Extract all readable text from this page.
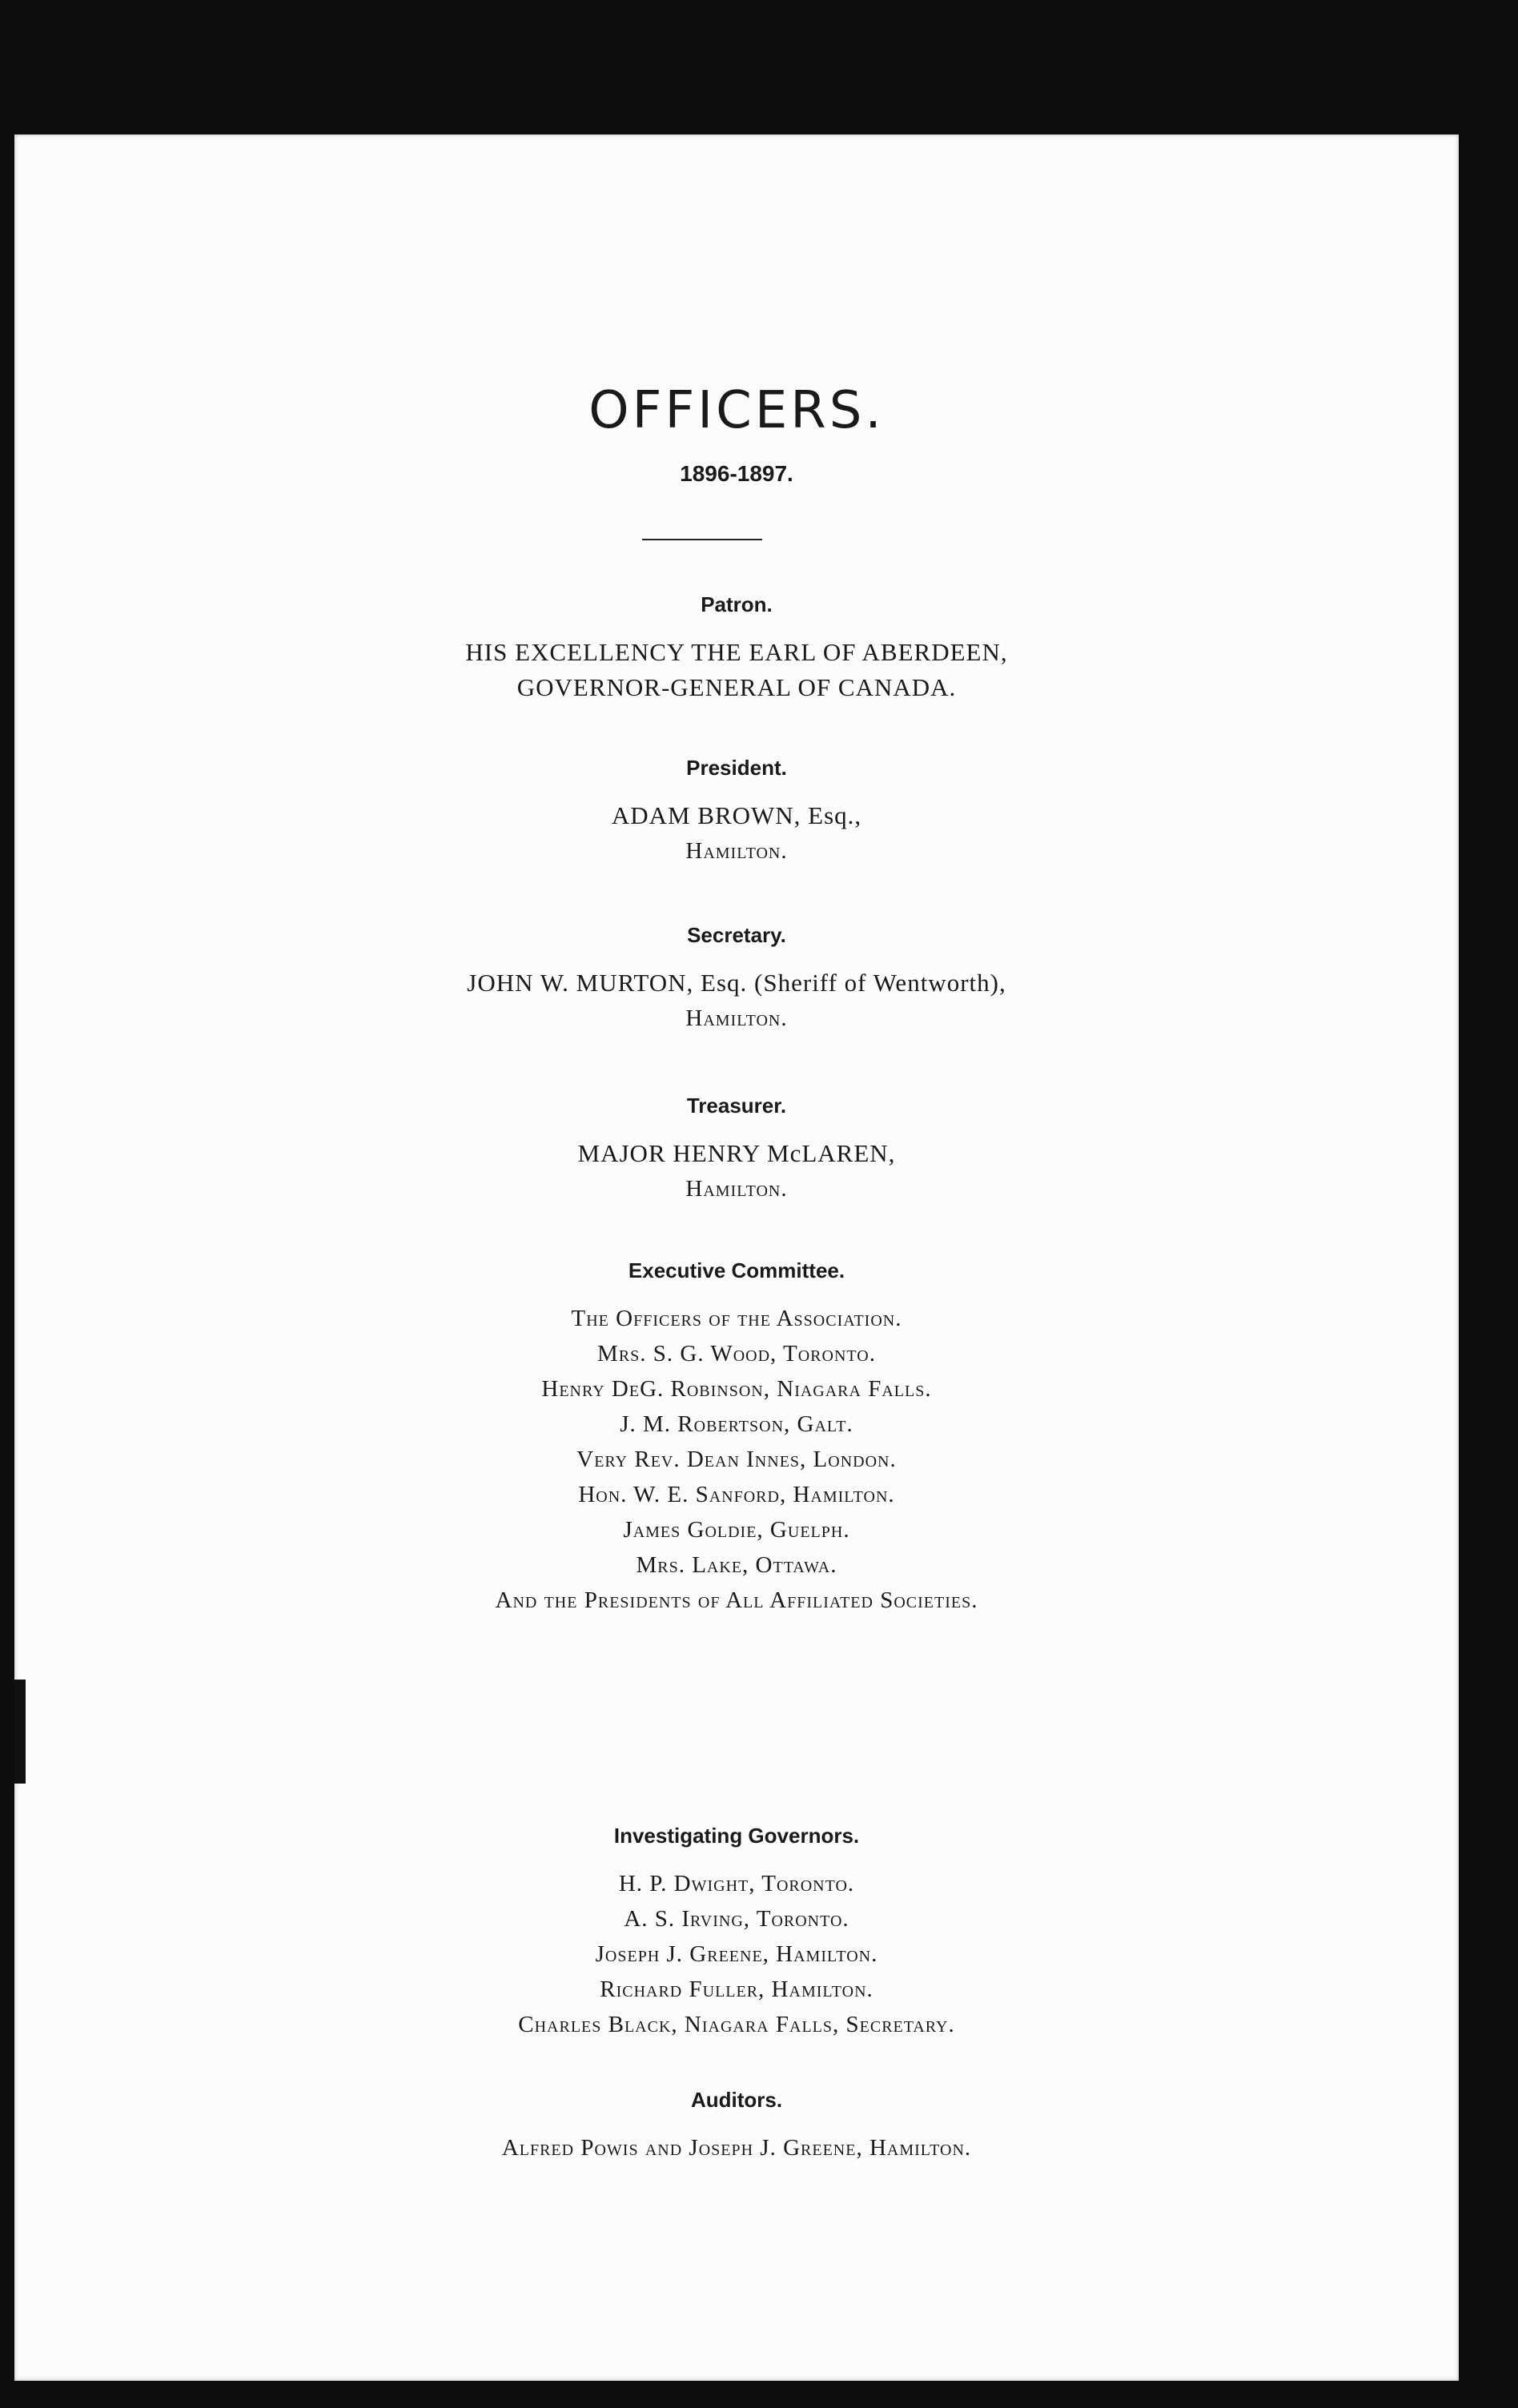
OFFICERS.
1896-1897.
Patron.
HIS EXCELLENCY THE EARL OF ABERDEEN,
GOVERNOR-GENERAL OF CANADA.
President.
ADAM BROWN, Esq.,
Hamilton.
Secretary.
JOHN W. MURTON, Esq. (Sheriff of Wentworth),
Hamilton.
Treasurer.
MAJOR HENRY McLAREN,
Hamilton.
Executive Committee.
The Officers of the Association.
Mrs. S. G. Wood, Toronto.
Henry DeG. Robinson, Niagara Falls.
J. M. Robertson, Galt.
Very Rev. Dean Innes, London.
Hon. W. E. Sanford, Hamilton.
James Goldie, Guelph.
Mrs. Lake, Ottawa.
And the Presidents of All Affiliated Societies.
Investigating Governors.
H. P. Dwight, Toronto.
A. S. Irving, Toronto.
Joseph J. Greene, Hamilton.
Richard Fuller, Hamilton.
Charles Black, Niagara Falls, Secretary.
Auditors.
Alfred Powis and Joseph J. Greene, Hamilton.
